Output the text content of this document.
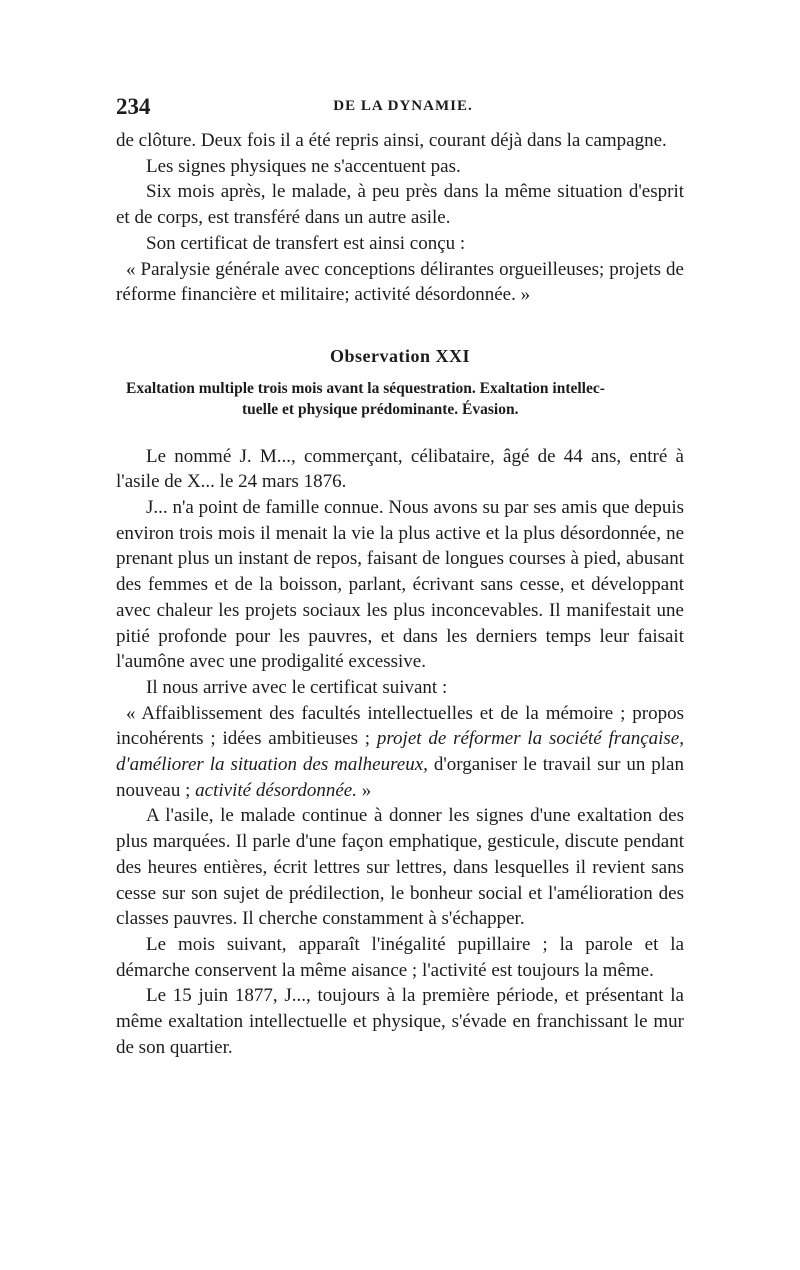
234	DE LA DYNAMIE.

de clôture. Deux fois il a été repris ainsi, courant déjà dans la campagne.

Les signes physiques ne s'accentuent pas.

Six mois après, le malade, à peu près dans la même situation d'esprit et de corps, est transféré dans un autre asile.

Son certificat de transfert est ainsi conçu :

« Paralysie générale avec conceptions délirantes orgueilleuses; projets de réforme financière et militaire; activité désordonnée. »

Observation XXI
Exaltation multiple trois mois avant la séquestration. Exaltation intellec-
tuelle et physique prédominante. Évasion.

Le nommé J. M..., commerçant, célibataire, âgé de 44 ans, entré à l'asile de X... le 24 mars 1876.

J... n'a point de famille connue. Nous avons su par ses amis que depuis environ trois mois il menait la vie la plus active et la plus désordonnée, ne prenant plus un instant de repos, faisant de longues courses à pied, abusant des femmes et de la boisson, parlant, écrivant sans cesse, et développant avec chaleur les projets sociaux les plus inconcevables. Il manifestait une pitié profonde pour les pauvres, et dans les derniers temps leur faisait l'aumône avec une prodigalité excessive.

Il nous arrive avec le certificat suivant :

« Affaiblissement des facultés intellectuelles et de la mémoire ; propos incohérents ; idées ambitieuses ; projet de réformer la société française, d'améliorer la situation des malheureux, d'organiser le travail sur un plan nouveau ; activité désordonnée. »

A l'asile, le malade continue à donner les signes d'une exaltation des plus marquées. Il parle d'une façon emphatique, gesticule, discute pendant des heures entières, écrit lettres sur lettres, dans lesquelles il revient sans cesse sur son sujet de prédilection, le bonheur social et l'amélioration des classes pauvres. Il cherche constamment à s'échapper.

Le mois suivant, apparaît l'inégalité pupillaire ; la parole et la démarche conservent la même aisance ; l'activité est toujours la même.

Le 15 juin 1877, J..., toujours à la première période, et présentant la même exaltation intellectuelle et physique, s'évade en franchissant le mur de son quartier.
